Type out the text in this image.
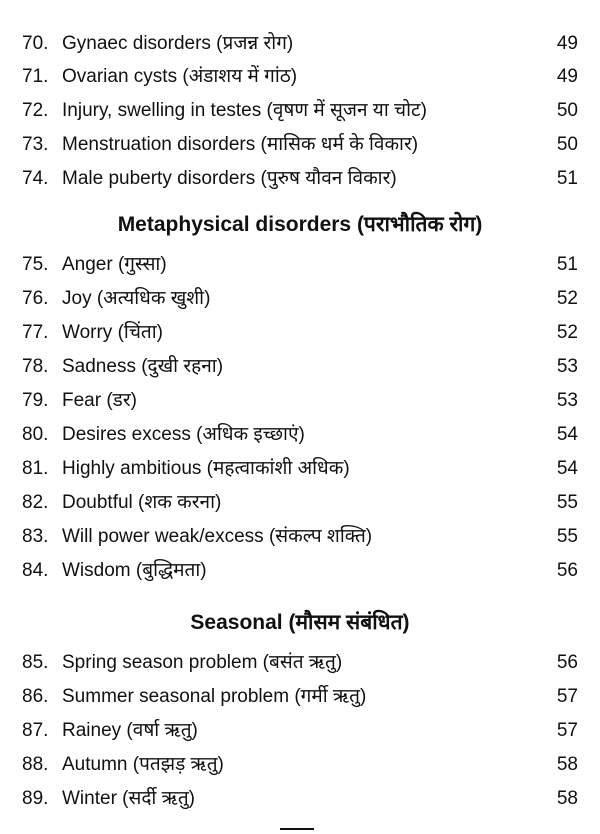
70. Gynaec disorders (प्रजन्न रोग)	49
71. Ovarian cysts (अंडाशय में गांठ)	49
72. Injury, swelling in testes (वृषण में सूजन या चोट)	50
73. Menstruation disorders (मासिक धर्म के विकार)	50
74. Male puberty disorders (पुरुष यौवन विकार)	51
Metaphysical disorders (पराभौतिक रोग)
75. Anger (गुस्सा)	51
76. Joy (अत्यधिक खुशी)	52
77. Worry (चिंता)	52
78. Sadness (दुखी रहना)	53
79. Fear (डर)	53
80. Desires excess (अधिक इच्छाएं)	54
81. Highly ambitious (महत्वाकांशी अधिक)	54
82. Doubtful (शक करना)	55
83. Will power weak/excess (संकल्प शक्ति)	55
84. Wisdom (बुद्धिमता)	56
Seasonal (मौसम संबंधित)
85. Spring season problem (बसंत ऋतु)	56
86. Summer seasonal problem (गर्मी ऋतु)	57
87. Rainey (वर्षा ऋतु)	57
88. Autumn (पतझड़ ऋतु)	58
89. Winter (सर्दी ऋतु)	58
